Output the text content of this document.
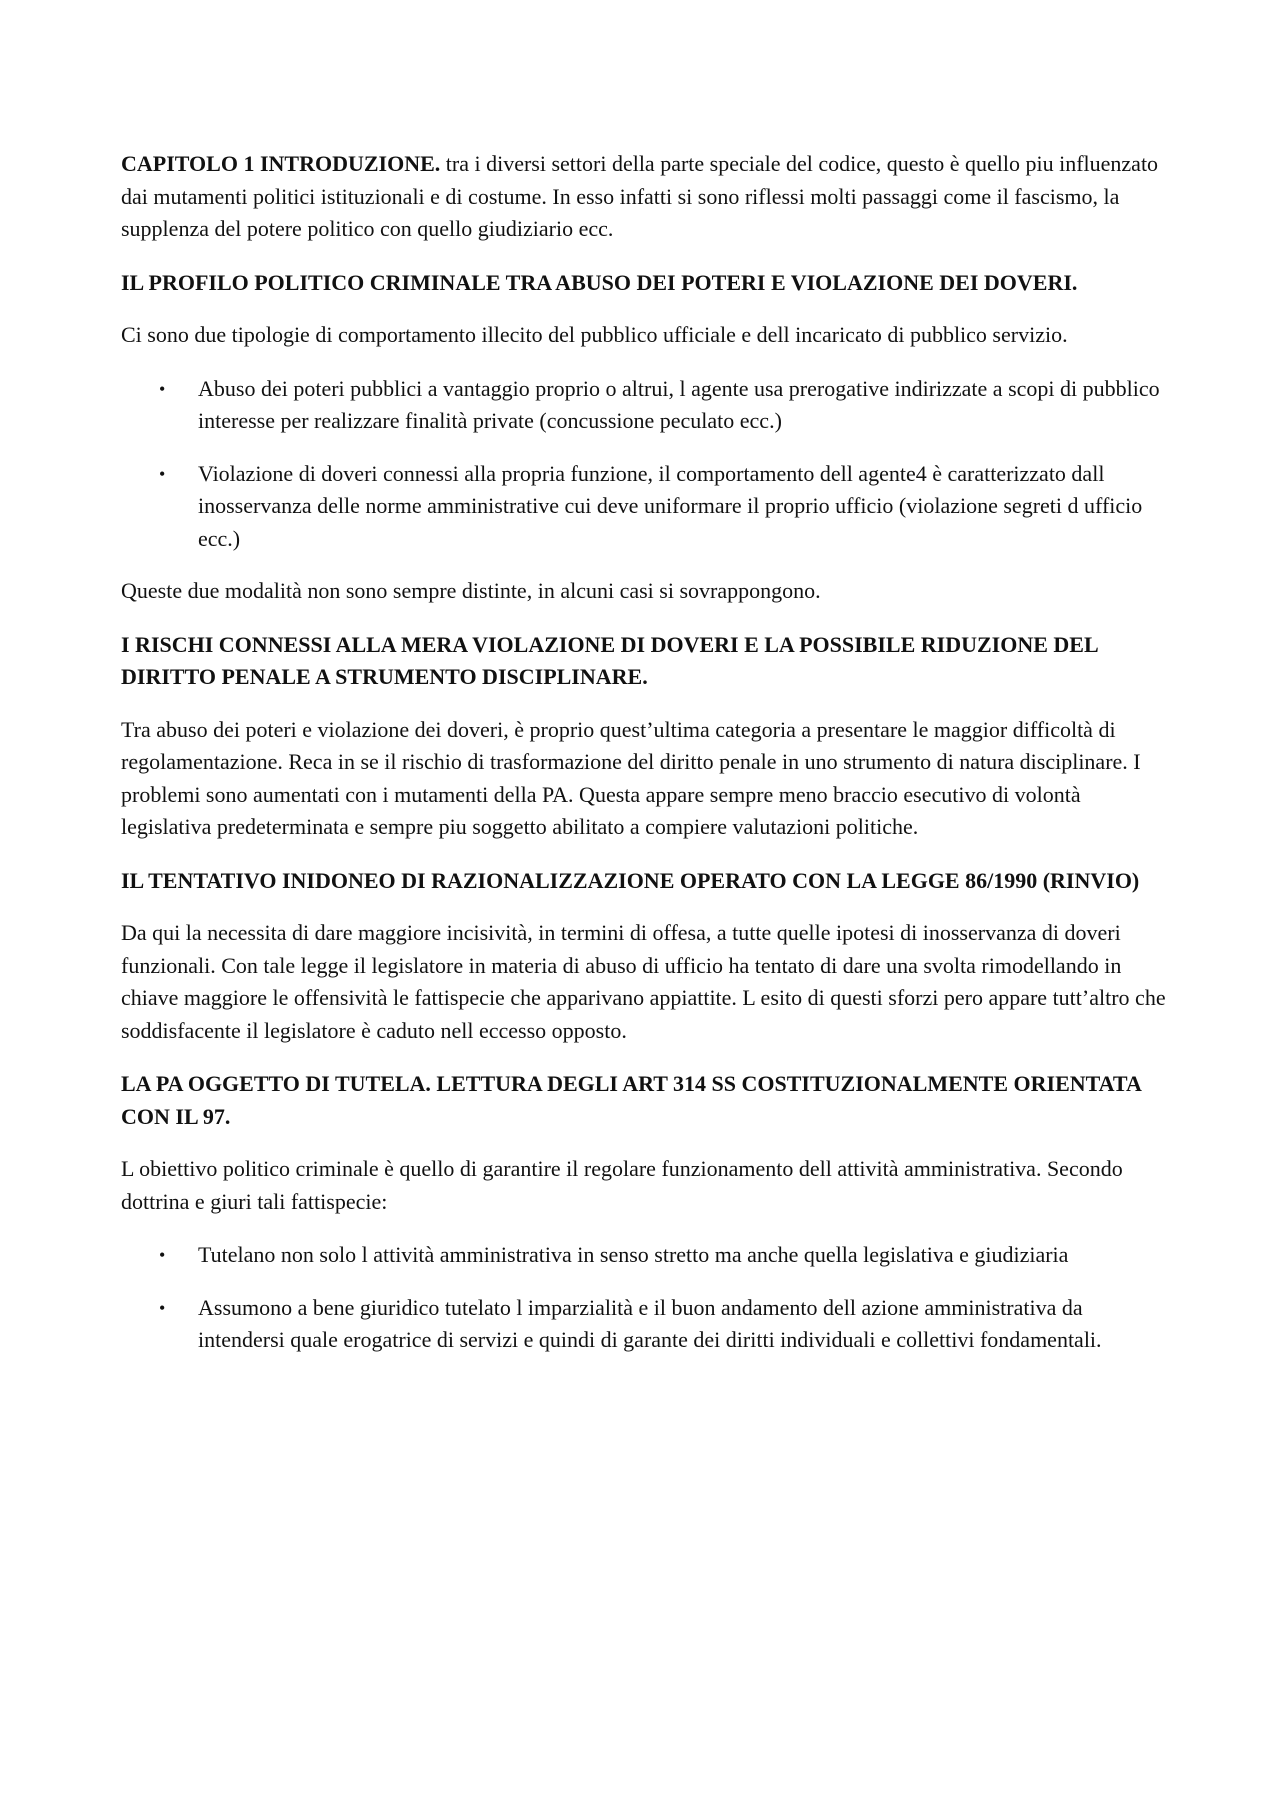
CAPITOLO 1 INTRODUZIONE. tra i diversi settori della parte speciale del codice, questo è quello piu influenzato dai mutamenti politici istituzionali e di costume. In esso infatti si sono riflessi molti passaggi come il fascismo, la supplenza del potere politico con quello giudiziario ecc.

IL PROFILO POLITICO CRIMINALE TRA ABUSO DEI POTERI E VIOLAZIONE DEI DOVERI.

Ci sono due tipologie di comportamento illecito del pubblico ufficiale e dell incaricato di pubblico servizio.

• Abuso dei poteri pubblici a vantaggio proprio o altrui, l agente usa prerogative indirizzate a scopi di pubblico interesse per realizzare finalità private (concussione peculato ecc.)
• Violazione di doveri connessi alla propria funzione, il comportamento dell agente4 è caratterizzato dall inosservanza delle norme amministrative cui deve uniformare il proprio ufficio (violazione segreti d ufficio ecc.)

Queste due modalità non sono sempre distinte, in alcuni casi si sovrappongono.

I RISCHI CONNESSI ALLA MERA VIOLAZIONE DI DOVERI E LA POSSIBILE RIDUZIONE DEL DIRITTO PENALE A STRUMENTO DISCIPLINARE.

Tra abuso dei poteri e violazione dei doveri, è proprio quest’ultima categoria a presentare le maggior difficoltà di regolamentazione. Reca in se il rischio di trasformazione del diritto penale in uno strumento di natura disciplinare. I problemi sono aumentati con i mutamenti della PA. Questa appare sempre meno braccio esecutivo di volontà legislativa predeterminata e sempre piu soggetto abilitato a compiere valutazioni politiche.

IL TENTATIVO INIDONEO DI RAZIONALIZZAZIONE OPERATO CON LA LEGGE 86/1990 (RINVIO)

Da qui la necessita di dare maggiore incisività, in termini di offesa, a tutte quelle ipotesi di inosservanza di doveri funzionali. Con tale legge il legislatore in materia di abuso di ufficio ha tentato di dare una svolta rimodellando in chiave maggiore le offensività le fattispecie che apparivano appiattite. L esito di questi sforzi pero appare tutt’altro che soddisfacente il legislatore è caduto nell eccesso opposto.

LA PA OGGETTO DI TUTELA. LETTURA DEGLI ART 314 SS COSTITUZIONALMENTE ORIENTATA CON IL 97.

L obiettivo politico criminale è quello di garantire il regolare funzionamento dell attività amministrativa. Secondo dottrina e giuri tali fattispecie:

• Tutelano non solo l attività amministrativa in senso stretto ma anche quella legislativa e giudiziaria
• Assumono a bene giuridico tutelato l imparzialità e il buon andamento dell azione amministrativa da intendersi quale erogatrice di servizi e quindi di garante dei diritti individuali e collettivi fondamentali.
